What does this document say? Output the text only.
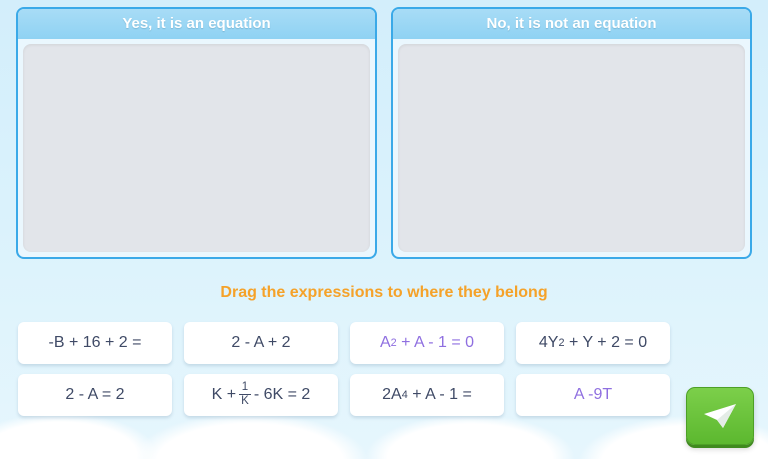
Yes, it is an equation	No, it is not an equation
Drag the expressions to where they belong
-B + 16 + 2 =	2 - A + 2	A 2 + A - 1 = 0	4Y 2 + Y + 2 = 0
2 - A = 2	$K + \frac{1}{K} - 6K = 2$	2A 4 + A - 1 =	A -9T
